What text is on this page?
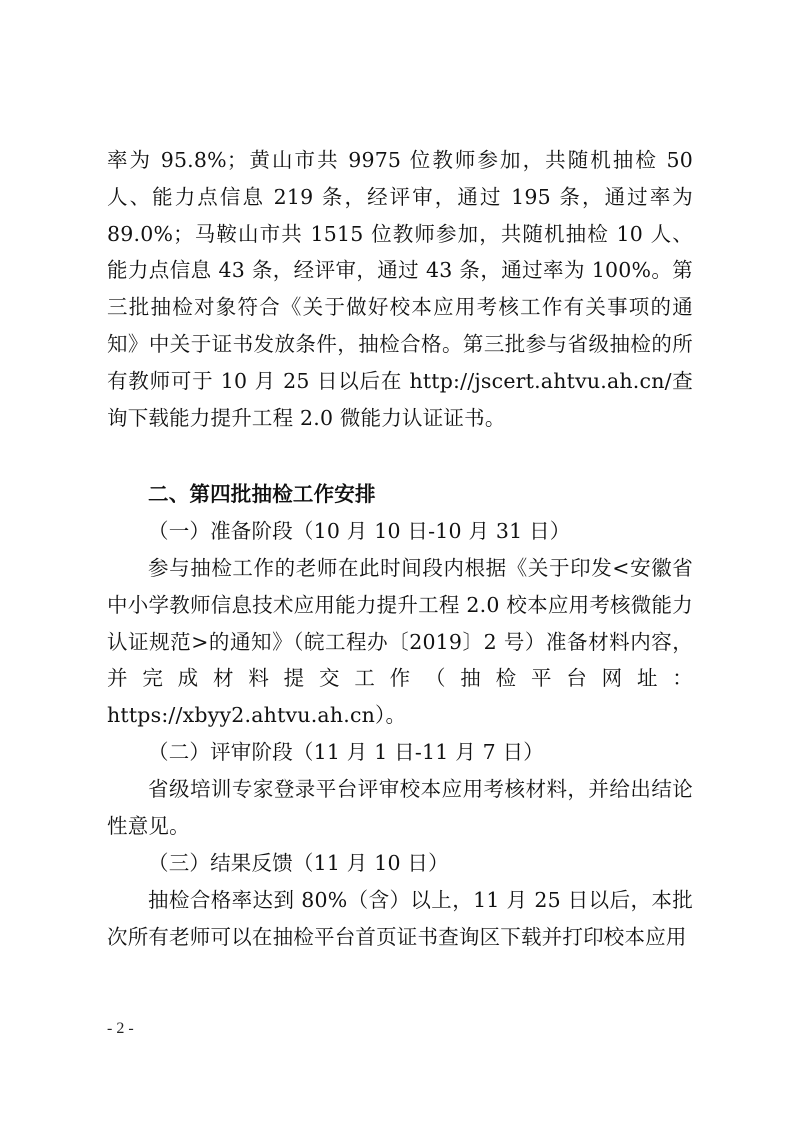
率为 95.8%；黄山市共 9975 位教师参加，共随机抽检 50 人、能力点信息 219 条，经评审，通过 195 条，通过率为 89.0%；马鞍山市共 1515 位教师参加，共随机抽检 10 人、能力点信息 43 条，经评审，通过 43 条，通过率为 100%。第三批抽检对象符合《关于做好校本应用考核工作有关事项的通知》中关于证书发放条件，抽检合格。第三批参与省级抽检的所有教师可于 10 月 25 日以后在 http://jscert.ahtvu.ah.cn/查询下载能力提升工程 2.0 微能力认证证书。

二、第四批抽检工作安排

（一）准备阶段（10 月 10 日-10 月 31 日）

参与抽检工作的老师在此时间段内根据《关于印发<安徽省中小学教师信息技术应用能力提升工程 2.0 校本应用考核微能力认证规范>的通知》（皖工程办〔2019〕2 号）准备材料内容，并完成材料提交工作（抽检平台网址：https://xbyy2.ahtvu.ah.cn）。

（二）评审阶段（11 月 1 日-11 月 7 日）

省级培训专家登录平台评审校本应用考核材料，并给出结论性意见。

（三）结果反馈（11 月 10 日）

抽检合格率达到 80%（含）以上，11 月 25 日以后，本批次所有老师可以在抽检平台首页证书查询区下载并打印校本应用

- 2 -
